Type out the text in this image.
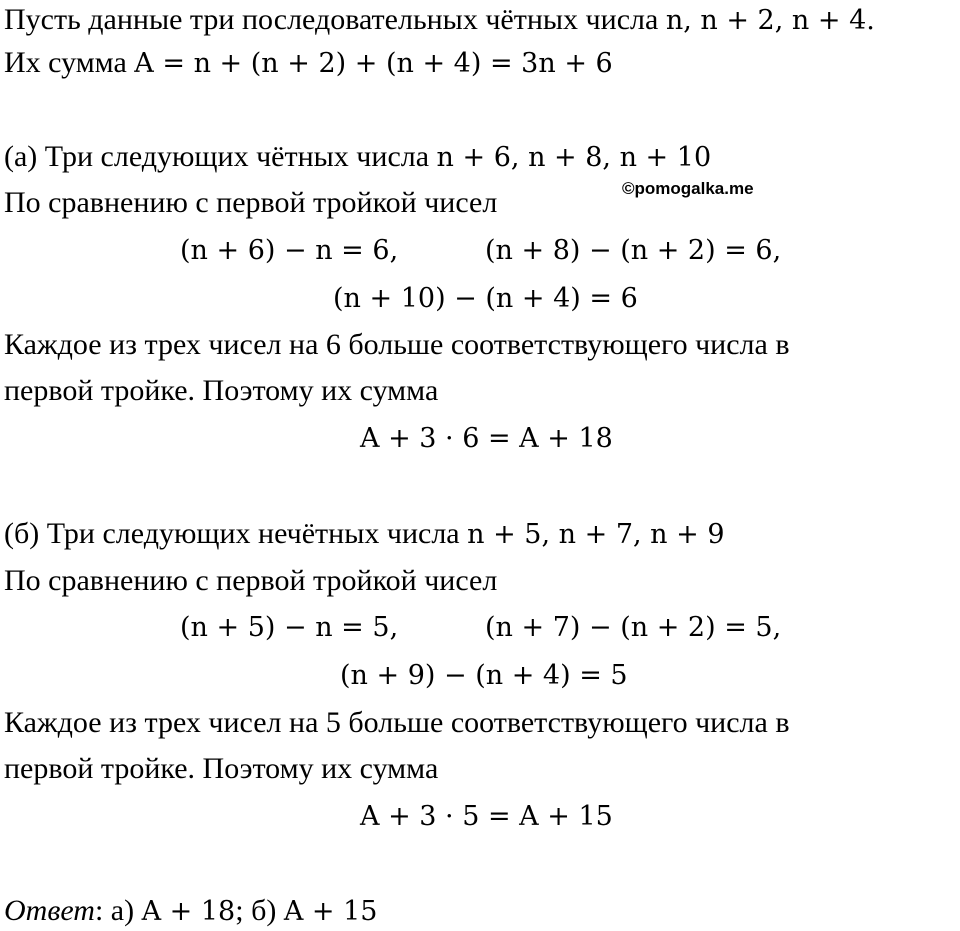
Пусть данные три последовательных чётных числа n, n + 2, n + 4.
Их сумма A = n + (n + 2) + (n + 4) = 3n + 6
(а) Три следующих чётных числа n + 6, n + 8, n + 10
©pomogalka.me
По сравнению с первой тройкой чисел
(n + 6) − n = 6,	(n + 8) − (n + 2) = 6,
(n + 10) − (n + 4) = 6
Каждое из трех чисел на 6 больше соответствующего числа в
первой тройке. Поэтому их сумма
A + 3 · 6 = A + 18
(б) Три следующих нечётных числа n + 5, n + 7, n + 9
По сравнению с первой тройкой чисел
(n + 5) − n = 5,	(n + 7) − (n + 2) = 5,
(n + 9) − (n + 4) = 5
Каждое из трех чисел на 5 больше соответствующего числа в
первой тройке. Поэтому их сумма
A + 3 · 5 = A + 15
Ответ: а) A + 18; б) A + 15
